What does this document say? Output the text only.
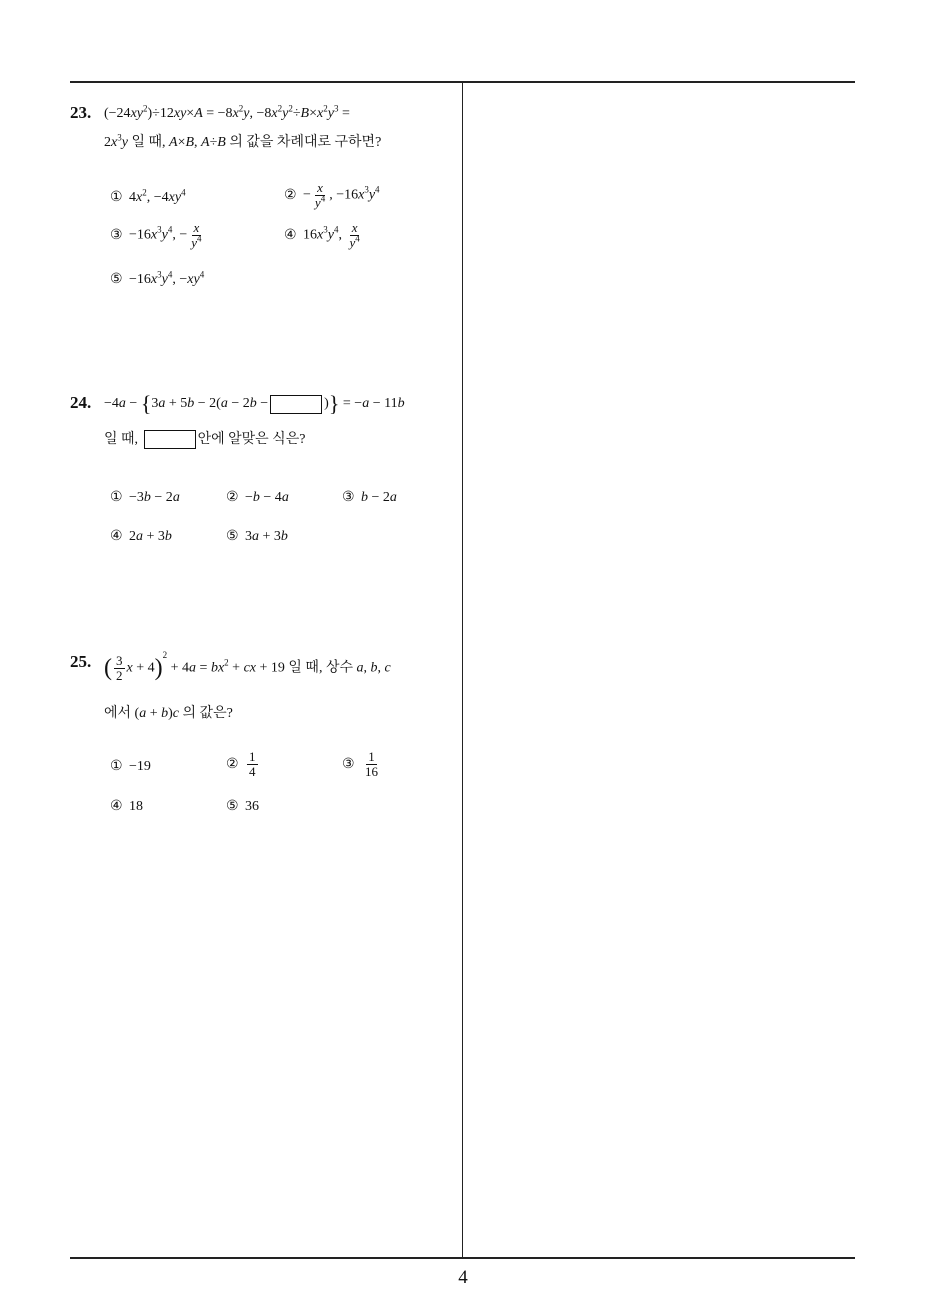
23. $(-24xy^2)\div 12xy\times A = -8x^2y$, $-8x^2y^2\div B\times x^2y^3$ =
$2x^3y$ 일 때, A×B, A÷B 의 값을 차례대로 구하면?
① $4x^2$, $-4xy^4$	② − $\frac{x}{y^4}$ , $-16x^3y^4$
③ $-16x^3y^4$, − $\frac{x}{y^4}$	④ $16x^3y^4$, $\frac{x}{y^4}$
⑤ $-16x^3y^4$, $-xy^4$
24. −4a − {3a + 5b − 2(a − 2b −	)} = −a − 11b
일 때,	안에 알맞은 식은?
① −3b − 2a	② −b − 4a	③ b − 2a
④ 2a + 3b	⑤ 3a + 3b
25. ( $\frac{3}{2}$ $x + 4)^2 + 4a = bx^2$ + cx + 19 일 때, 상수 a, b, c
에서 (a + b)c 의 값은?
① −19	② $\frac{1}{4}$	③ $\frac{1}{16}$
④ 18	⑤ 36
4
